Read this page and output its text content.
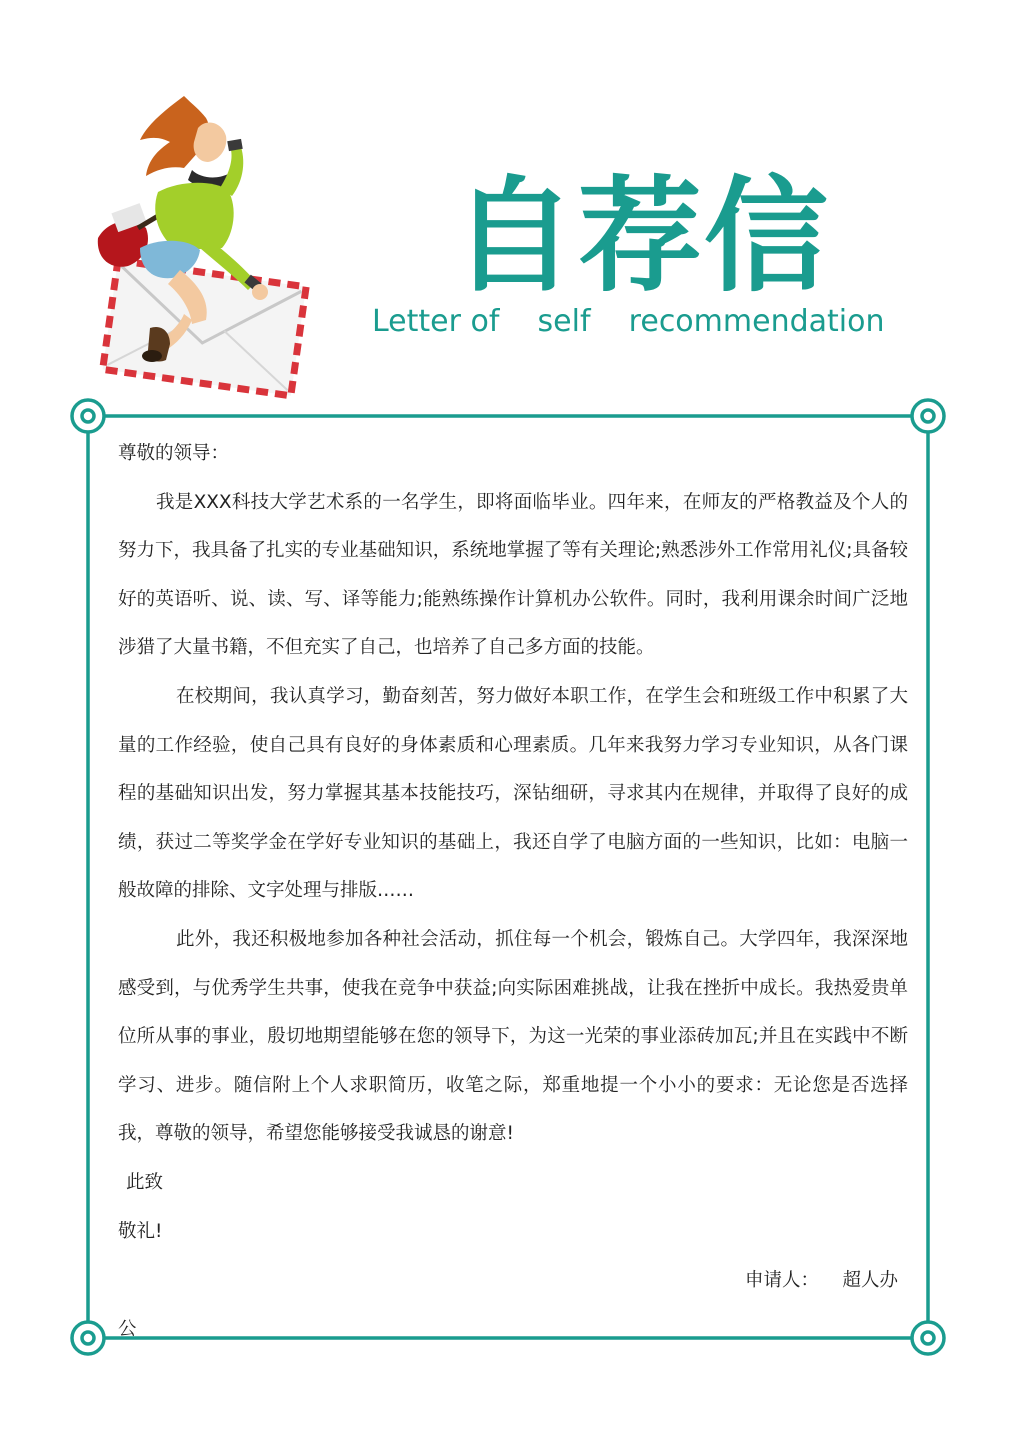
自荐信
Letter of    self    recommendation

尊敬的领导：

我是XXX科技大学艺术系的一名学生，即将面临毕业。四年来，在师友的严格教益及个人的努力下，我具备了扎实的专业基础知识，系统地掌握了等有关理论;熟悉涉外工作常用礼仪;具备较好的英语听、说、读、写、译等能力;能熟练操作计算机办公软件。同时，我利用课余时间广泛地涉猎了大量书籍，不但充实了自己，也培养了自己多方面的技能。

在校期间，我认真学习，勤奋刻苦，努力做好本职工作，在学生会和班级工作中积累了大量的工作经验，使自己具有良好的身体素质和心理素质。几年来我努力学习专业知识，从各门课程的基础知识出发，努力掌握其基本技能技巧，深钻细研，寻求其内在规律，并取得了良好的成绩，获过二等奖学金在学好专业知识的基础上，我还自学了电脑方面的一些知识，比如：电脑一般故障的排除、文字处理与排版……

此外，我还积极地参加各种社会活动，抓住每一个机会，锻炼自己。大学四年，我深深地感受到，与优秀学生共事，使我在竞争中获益;向实际困难挑战，让我在挫折中成长。我热爱贵单位所从事的事业，殷切地期望能够在您的领导下，为这一光荣的事业添砖加瓦;并且在实践中不断学习、进步。随信附上个人求职简历，收笔之际，郑重地提一个小小的要求：无论您是否选择我，尊敬的领导，希望您能够接受我诚恳的谢意!

此致

敬礼!

申请人： 超人办
公
